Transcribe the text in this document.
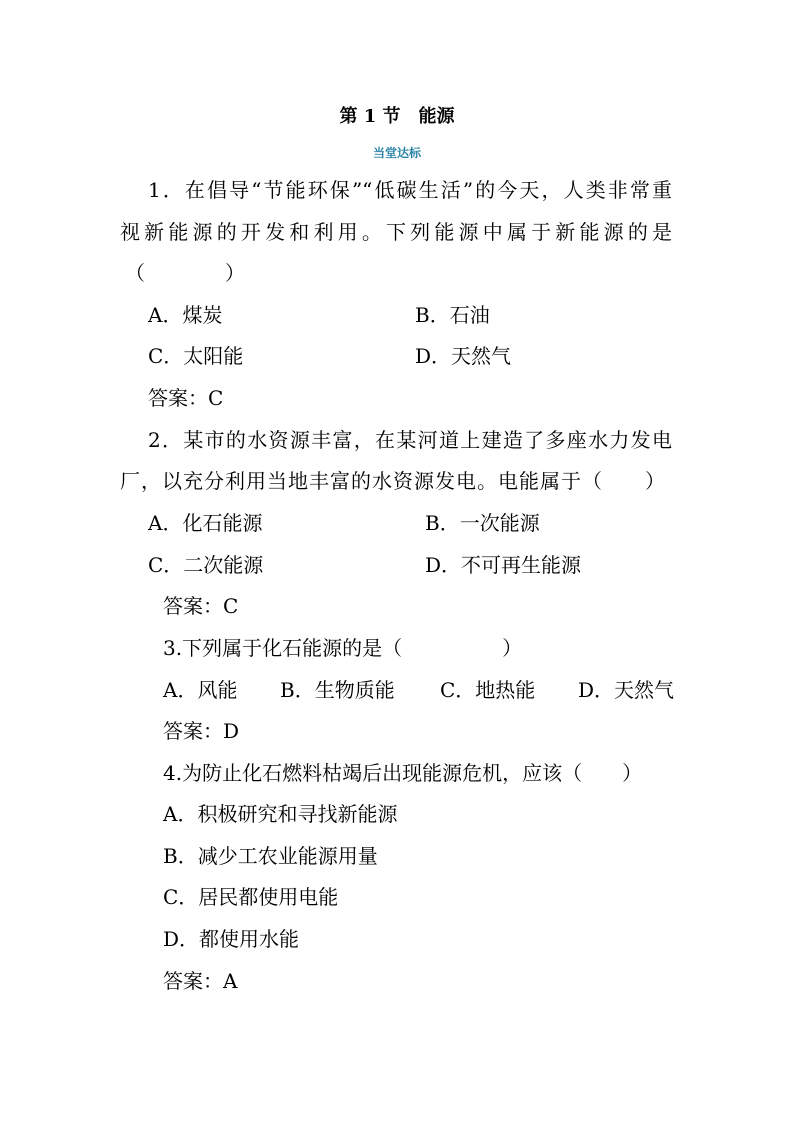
第 1 节　能源
当堂达标
1．在倡导“节能环保”“低碳生活”的今天，人类非常重
视新能源的开发和利用。下列能源中属于新能源的是
（　　　　）
A．煤炭	B．石油
C．太阳能	D．天然气
答案：C
2．某市的水资源丰富，在某河道上建造了多座水力发电
厂，以充分利用当地丰富的水资源发电。电能属于（　　）
A．化石能源	B．一次能源
C．二次能源	D．不可再生能源
答案：C
3.下列属于化石能源的是（　　　　　）
A．风能 B．生物质能 C．地热能 D．天然气
答案：D
4.为防止化石燃料枯竭后出现能源危机，应该（　　）
A．积极研究和寻找新能源
B．减少工农业能源用量
C．居民都使用电能
D．都使用水能
答案：A
